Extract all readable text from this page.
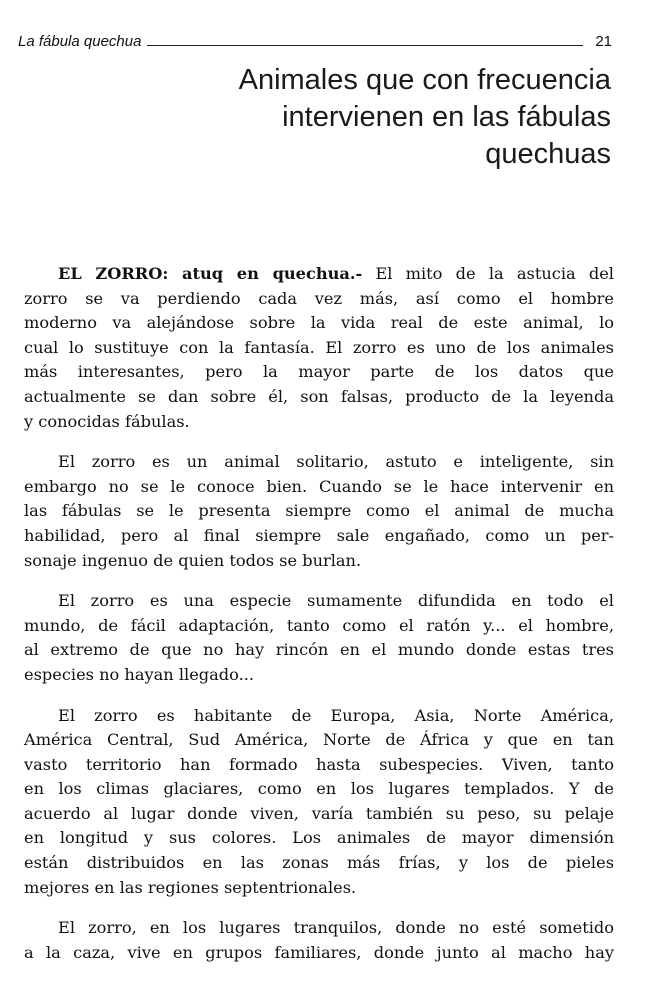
La fábula quechua	21
Animales que con frecuencia
intervienen en las fábulas
quechuas
EL ZORRO: atuq en quechua.- El mito de la astucia del
zorro se va perdiendo cada vez más, así como el hombre
moderno va alejándose sobre la vida real de este animal, lo
cual lo sustituye con la fantasía. El zorro es uno de los animales
más interesantes, pero la mayor parte de los datos que
actualmente se dan sobre él, son falsas, producto de la leyenda
y conocidas fábulas.
El zorro es un animal solitario, astuto e inteligente, sin
embargo no se le conoce bien. Cuando se le hace intervenir en
las fábulas se le presenta siempre como el animal de mucha
habilidad, pero al final siempre sale engañado, como un per-
sonaje ingenuo de quien todos se burlan.
El zorro es una especie sumamente difundida en todo el
mundo, de fácil adaptación, tanto como el ratón y... el hombre,
al extremo de que no hay rincón en el mundo donde estas tres
especies no hayan llegado...
El zorro es habitante de Europa, Asia, Norte América,
América Central, Sud América, Norte de África y que en tan
vasto territorio han formado hasta subespecies. Viven, tanto
en los climas glaciares, como en los lugares templados. Y de
acuerdo al lugar donde viven, varía también su peso, su pelaje
en longitud y sus colores. Los animales de mayor dimensión
están distribuidos en las zonas más frías, y los de pieles
mejores en las regiones septentrionales.
El zorro, en los lugares tranquilos, donde no esté sometido
a la caza, vive en grupos familiares, donde junto al macho hay
